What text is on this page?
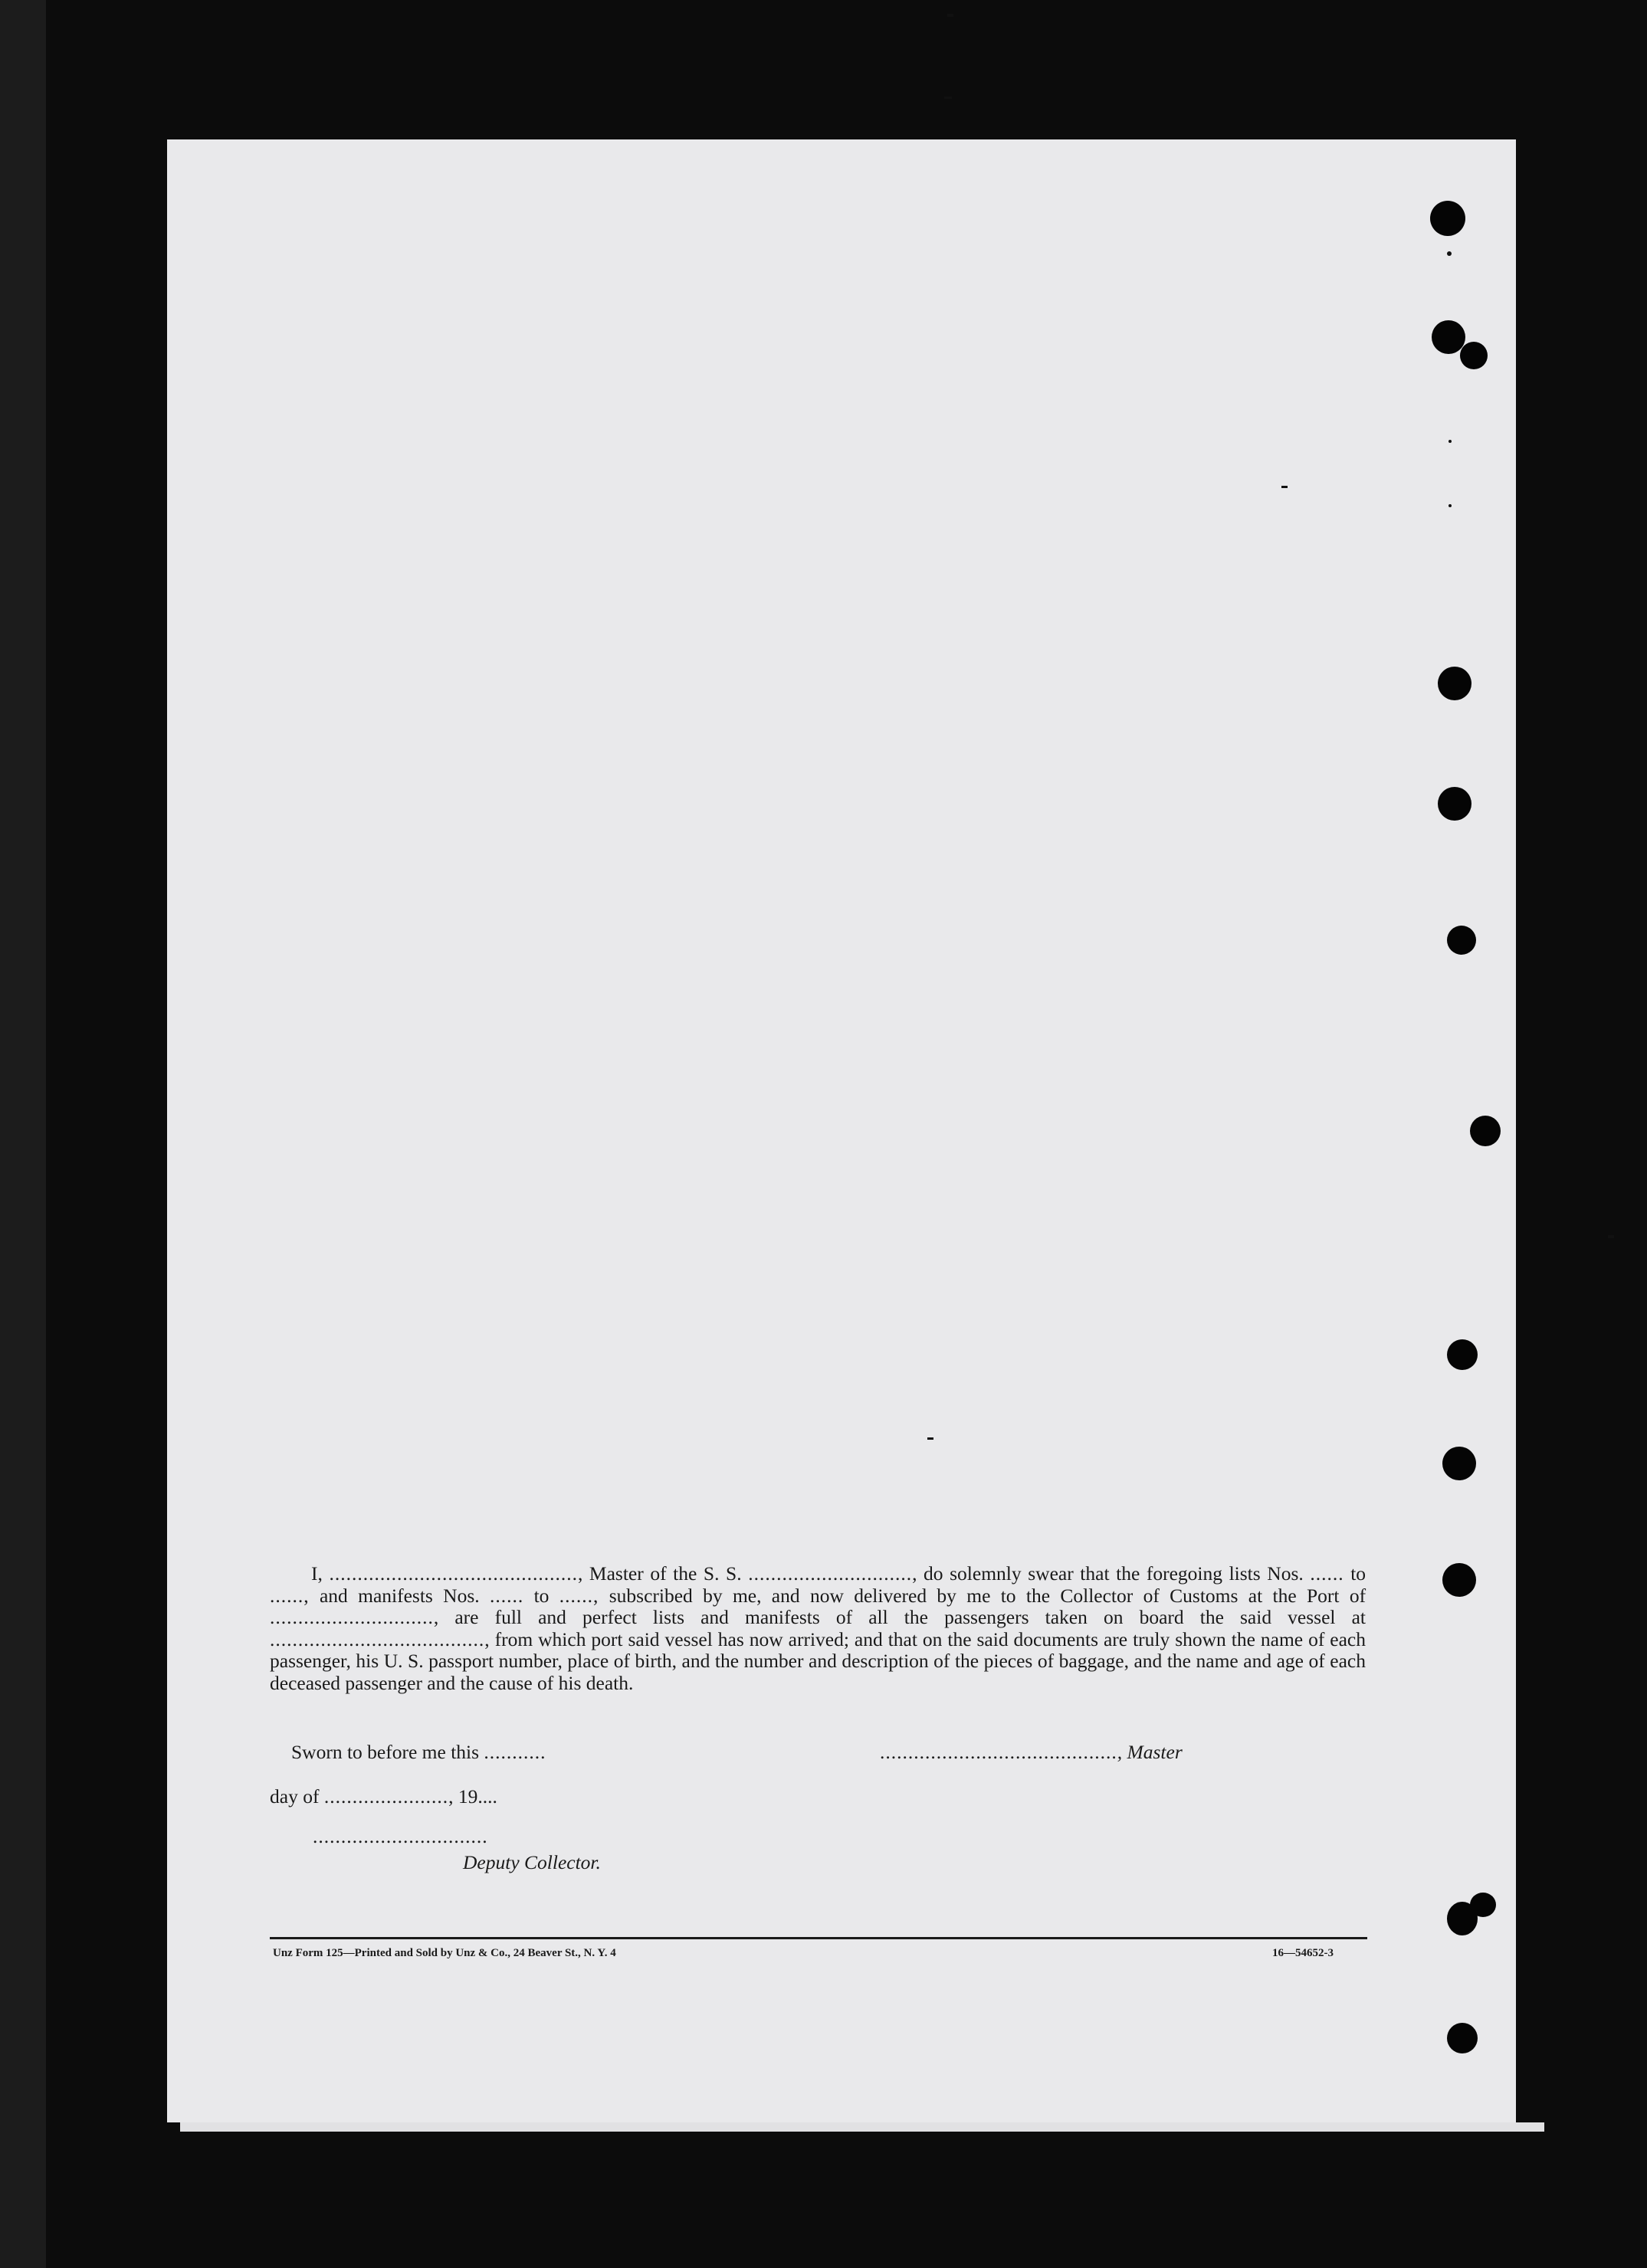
I, ............................................, Master of the S. S. ............................., do solemnly swear that the foregoing lists Nos. ...... to ......, and manifests Nos. ...... to ......, subscribed by me, and now delivered by me to the Collector of Customs at the Port of ............................., are full and perfect lists and manifests of all the passengers taken on board the said vessel at ......................................, from which port said vessel has now arrived; and that on the said documents are truly shown the name of each passenger, his U. S. passport number, place of birth, and the number and description of the pieces of baggage, and the name and age of each deceased passenger and the cause of his death.
Sworn to before me this ...........	.........................................., Master
day of ......................, 19....
...............................
Deputy Collector.
Unz Form 125—Printed and Sold by Unz & Co., 24 Beaver St., N. Y. 4	16—54652-3
